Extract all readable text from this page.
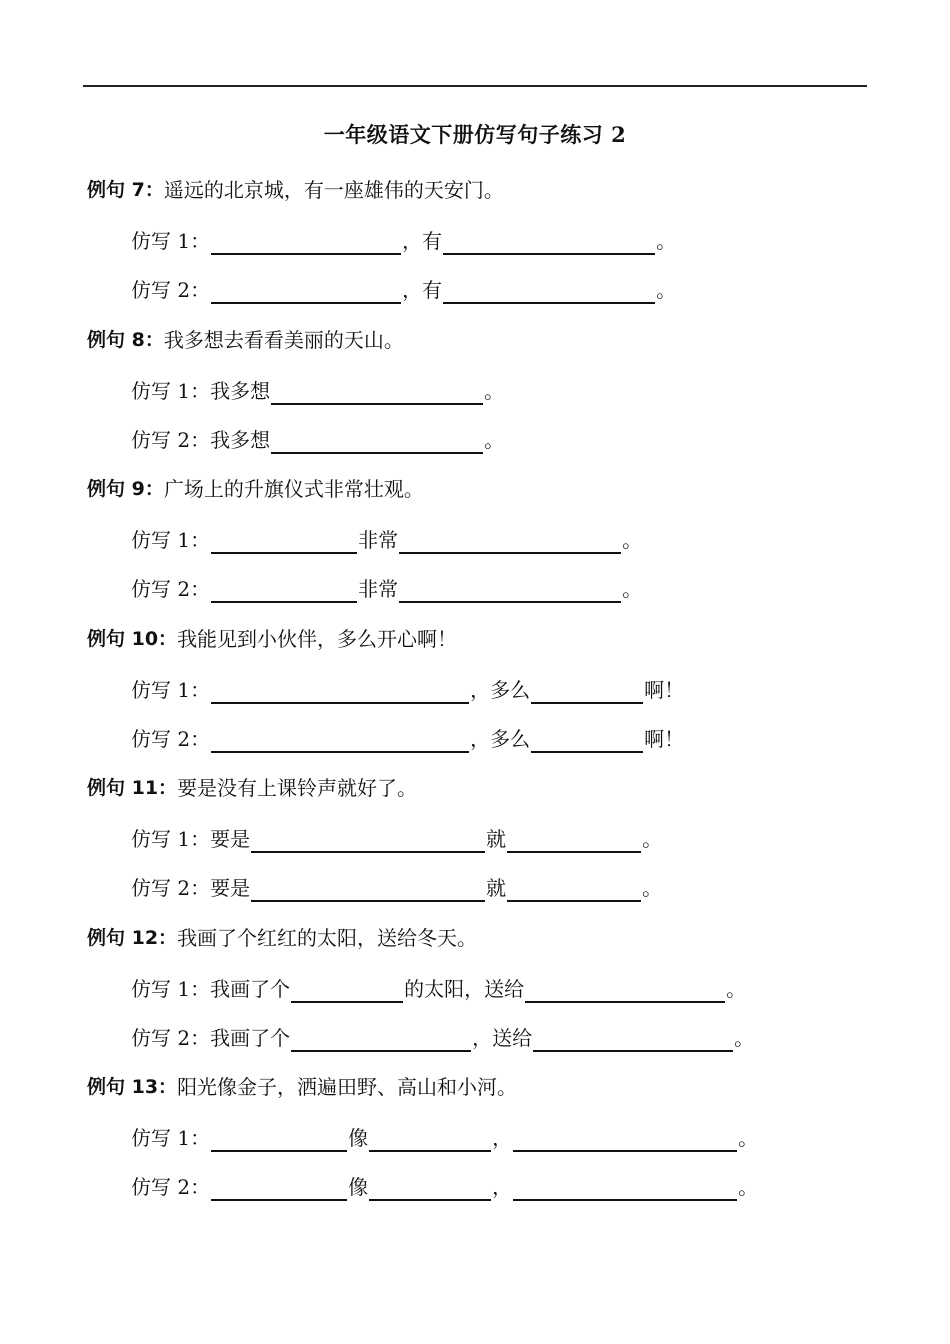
一年级语文下册仿写句子练习 2
例句 7： 遥远的北京城，有一座雄伟的天安门。
仿写 1：	，有	。
仿写 2：	，有	。
例句 8： 我多想去看看美丽的天山。
仿写 1：我多想	。
仿写 2：我多想	。
例句 9： 广场上的升旗仪式非常壮观。
仿写 1：	非常	。
仿写 2：	非常	。
例句 10： 我能见到小伙伴，多么开心啊！
仿写 1：	，多么	啊！
仿写 2：	，多么	啊！
例句 11： 要是没有上课铃声就好了。
仿写 1：要是	就	。
仿写 2：要是	就	。
例句 12： 我画了个红红的太阳，送给冬天。
仿写 1：我画了个	的太阳，送给	。
仿写 2：我画了个	，送给	。
例句 13： 阳光像金子，洒遍田野、高山和小河。
仿写 1：	像	，	。
仿写 2：	像	，	。
